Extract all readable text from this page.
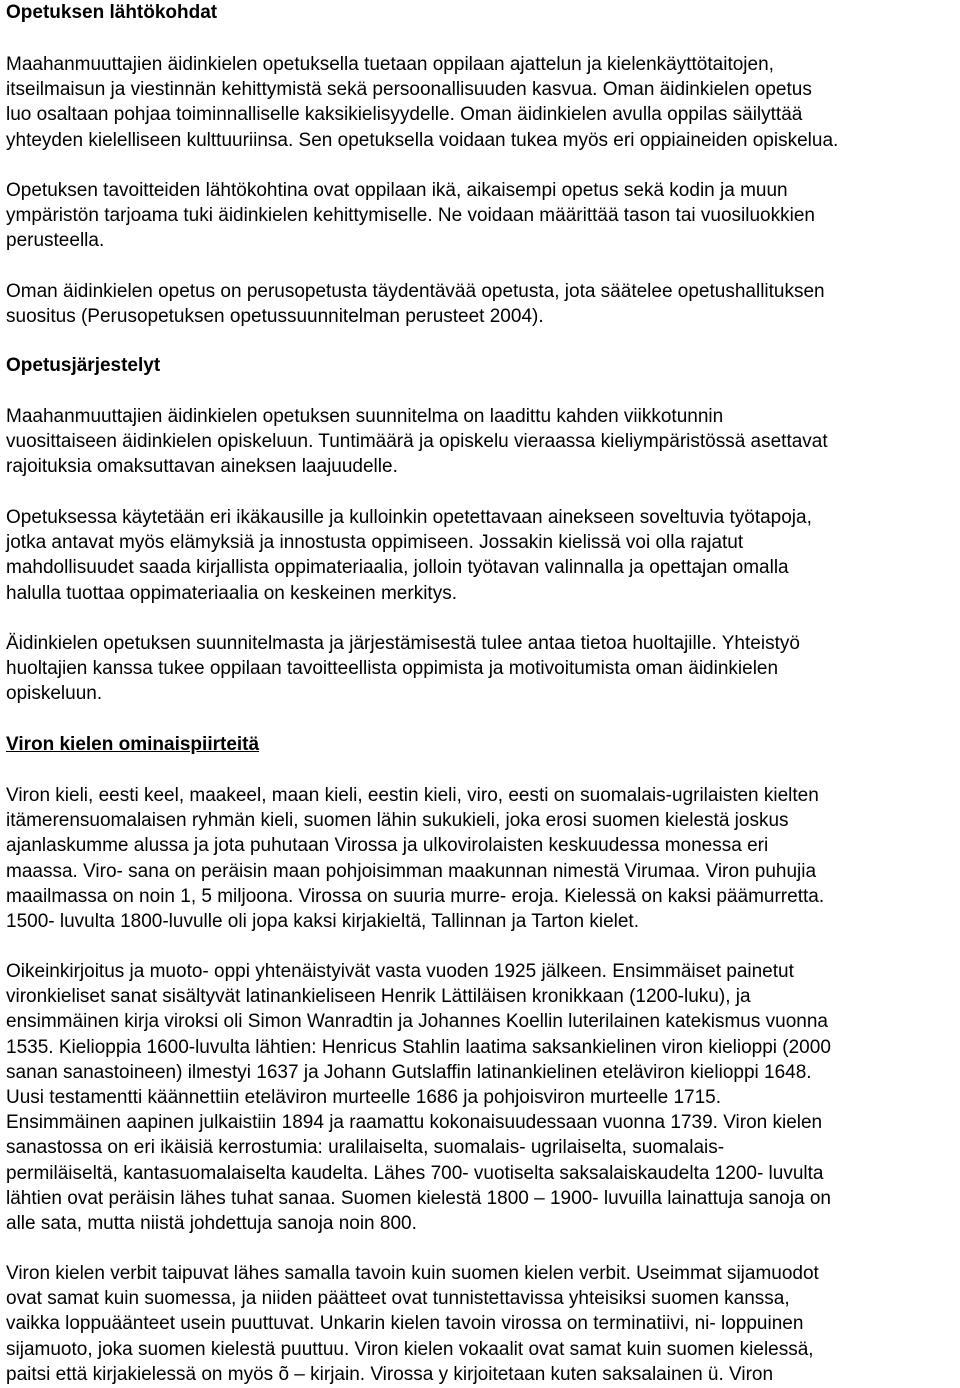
Opetuksen lähtökohdat

Maahanmuuttajien äidinkielen opetuksella tuetaan oppilaan ajattelun ja kielenkäyttötaitojen,
itseilmaisun ja viestinnän kehittymistä sekä persoonallisuuden kasvua. Oman äidinkielen opetus
luo osaltaan pohjaa toiminnalliselle kaksikielisyydelle. Oman äidinkielen avulla oppilas säilyttää
yhteyden kielelliseen kulttuuriinsa. Sen opetuksella voidaan tukea myös eri oppiaineiden opiskelua.

Opetuksen tavoitteiden lähtökohtina ovat oppilaan ikä, aikaisempi opetus sekä kodin ja muun
ympäristön tarjoama tuki äidinkielen kehittymiselle. Ne voidaan määrittää tason tai vuosiluokkien
perusteella.

Oman äidinkielen opetus on perusopetusta täydentävää opetusta, jota säätelee opetushallituksen
suositus (Perusopetuksen opetussuunnitelman perusteet 2004).

Opetusjärjestelyt

Maahanmuuttajien äidinkielen opetuksen suunnitelma on laadittu kahden viikkotunnin
vuosittaiseen äidinkielen opiskeluun. Tuntimäärä ja opiskelu vieraassa kieliympäristössä asettavat
rajoituksia omaksuttavan aineksen laajuudelle.

Opetuksessa käytetään eri ikäkausille ja kulloinkin opetettavaan ainekseen soveltuvia työtapoja,
jotka antavat myös elämyksiä ja innostusta oppimiseen. Jossakin kielissä voi olla rajatut
mahdollisuudet saada kirjallista oppimateriaalia, jolloin työtavan valinnalla ja opettajan omalla
halulla tuottaa oppimateriaalia on keskeinen merkitys.

Äidinkielen opetuksen suunnitelmasta ja järjestämisestä tulee antaa tietoa huoltajille. Yhteistyö
huoltajien kanssa tukee oppilaan tavoitteellista oppimista ja motivoitumista oman äidinkielen
opiskeluun.

Viron kielen ominaispiirteitä

Viron kieli, eesti keel, maakeel, maan kieli, eestin kieli, viro, eesti on suomalais-ugrilaisten kielten
itämerensuomalaisen ryhmän kieli, suomen lähin sukukieli, joka erosi suomen kielestä joskus
ajanlaskumme alussa ja jota puhutaan Virossa ja ulkovirolaisten keskuudessa monessa eri
maassa. Viro- sana on peräisin maan pohjoisimman maakunnan nimestä Virumaa. Viron puhujia
maailmassa on noin 1, 5 miljoona. Virossa on suuria murre- eroja. Kielessä on kaksi päämurretta.
1500- luvulta 1800-luvulle oli jopa kaksi kirjakieltä, Tallinnan ja Tarton kielet.

Oikeinkirjoitus ja muoto- oppi yhtenäistyivät vasta vuoden 1925 jälkeen. Ensimmäiset painetut
vironkieliset sanat sisältyvät latinankieliseen Henrik Lättiläisen kronikkaan (1200-luku), ja
ensimmäinen kirja viroksi oli Simon Wanradtin ja Johannes Koellin luterilainen katekismus vuonna
1535. Kielioppia 1600-luvulta lähtien: Henricus Stahlin laatima saksankielinen viron kielioppi (2000
sanan sanastoineen) ilmestyi 1637 ja Johann Gutslaffin latinankielinen eteläviron kielioppi 1648.
Uusi testamentti käännettiin eteläviron murteelle 1686 ja pohjoisviron murteelle 1715.
Ensimmäinen aapinen julkaistiin 1894 ja raamattu kokonaisuudessaan vuonna 1739. Viron kielen
sanastossa on eri ikäisiä kerrostumia: uralilaiselta, suomalais- ugrilaiselta, suomalais-
permiläiseltä, kantasuomalaiselta kaudelta. Lähes 700- vuotiselta saksalaiskaudelta 1200- luvulta
lähtien ovat peräisin lähes tuhat sanaa. Suomen kielestä 1800 – 1900- luvuilla lainattuja sanoja on
alle sata, mutta niistä johdettuja sanoja noin 800.

Viron kielen verbit taipuvat lähes samalla tavoin kuin suomen kielen verbit. Useimmat sijamuodot
ovat samat kuin suomessa, ja niiden päätteet ovat tunnistettavissa yhteisiksi suomen kanssa,
vaikka loppuäänteet usein puuttuvat. Unkarin kielen tavoin virossa on terminatiivi, ni- loppuinen
sijamuoto, joka suomen kielestä puuttuu. Viron kielen vokaalit ovat samat kuin suomen kielessä,
paitsi että kirjakielessä on myös õ – kirjain. Virossa y kirjoitetaan kuten saksalainen ü. Viron
